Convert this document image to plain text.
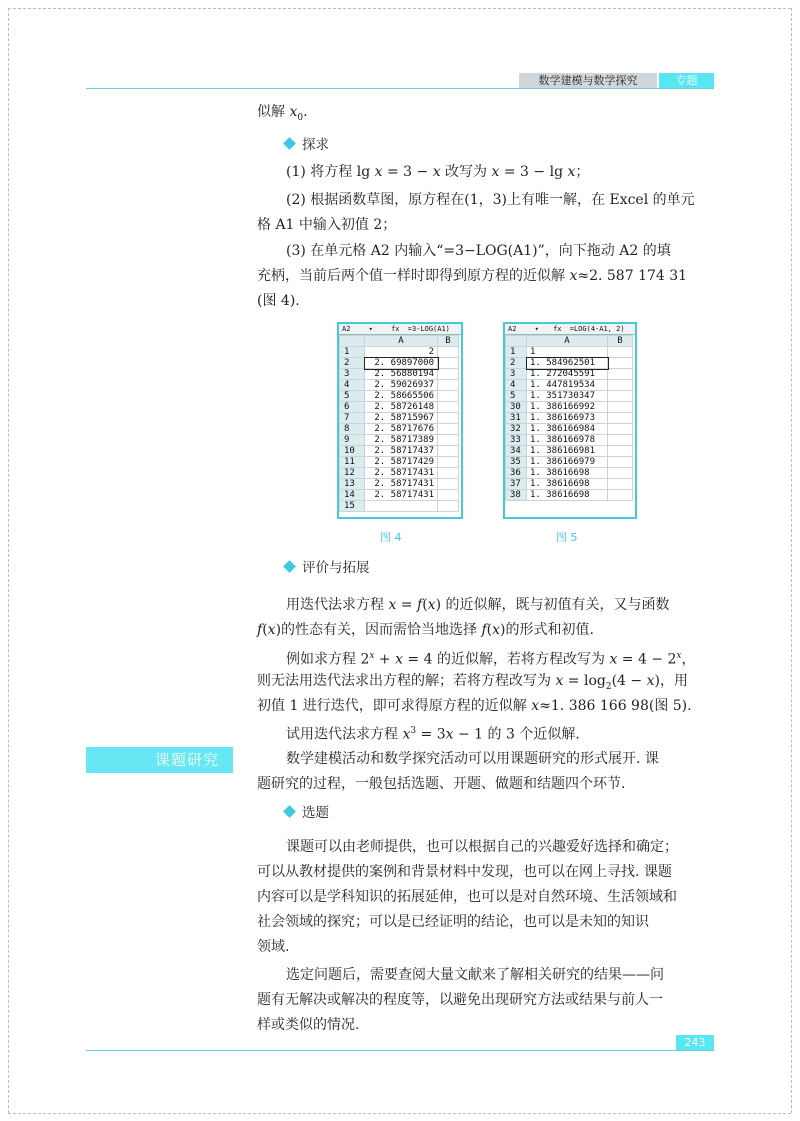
数学建模与数学探究	专题
似解 $x_0$.
探求
(1) 将方程 lg x = 3 − x 改写为 x = 3 − lg x；
(2) 根据函数草图，原方程在(1，3)上有唯一解，在 Excel 的单元
格 A1 中输入初值 2；
(3) 在单元格 A2 内输入“=3−LOG(A1)”，向下拖动 A2 的填
充柄，当前后两个值一样时即得到原方程的近似解 x≈2. 587 174 31
(图 4).
A2	▾	fx =3-LOG(A1)
	A	B
1	2	
2	2. 69897000	
3	2. 56880194	
4	2. 59026937	
5	2. 58665506	
6	2. 58726148	
7	2. 58715967	
8	2. 58717676	
9	2. 58717389	
10	2. 58717437	
11	2. 58717429	
12	2. 58717431	
13	2. 58717431	
14	2. 58717431	
15		
图 4
A2	▾ fx =LOG(4-A1, 2)
	A	B
1	1	
2	1. 584962501	
3	1. 272045591	
4	1. 447819534	
5	1. 351730347	
30	1. 386166992	
31	1. 386166973	
32	1. 386166984	
33	1. 386166978	
34	1. 386166981	
35	1. 386166979	
36	1. 38616698	
37	1. 38616698	
38	1. 38616698	
图 5
评价与拓展
用迭代法求方程 x = f(x) 的近似解，既与初值有关，又与函数
f(x)的性态有关，因而需恰当地选择 f(x)的形式和初值.
例如求方程 $2^x + x = 4$ 的近似解，若将方程改写为 $x = 4 - 2^x$，
则无法用迭代法求出方程的解；若将方程改写为 $x = \log_2(4 - x)$，用
初值 1 进行迭代，即可求得原方程的近似解 x≈1. 386 166 98(图 5).
试用迭代法求方程 $x^3 = 3x - 1$ 的 3 个近似解.
课题研究	数学建模活动和数学探究活动可以用课题研究的形式展开. 课
题研究的过程，一般包括选题、开题、做题和结题四个环节.
选题
课题可以由老师提供，也可以根据自己的兴趣爱好选择和确定；
可以从教材提供的案例和背景材料中发现，也可以在网上寻找. 课题
内容可以是学科知识的拓展延伸，也可以是对自然环境、生活领域和
社会领域的探究；可以是已经证明的结论，也可以是未知的知识
领域.
选定问题后，需要查阅大量文献来了解相关研究的结果——问
题有无解决或解决的程度等，以避免出现研究方法或结果与前人一
样或类似的情况.
243
